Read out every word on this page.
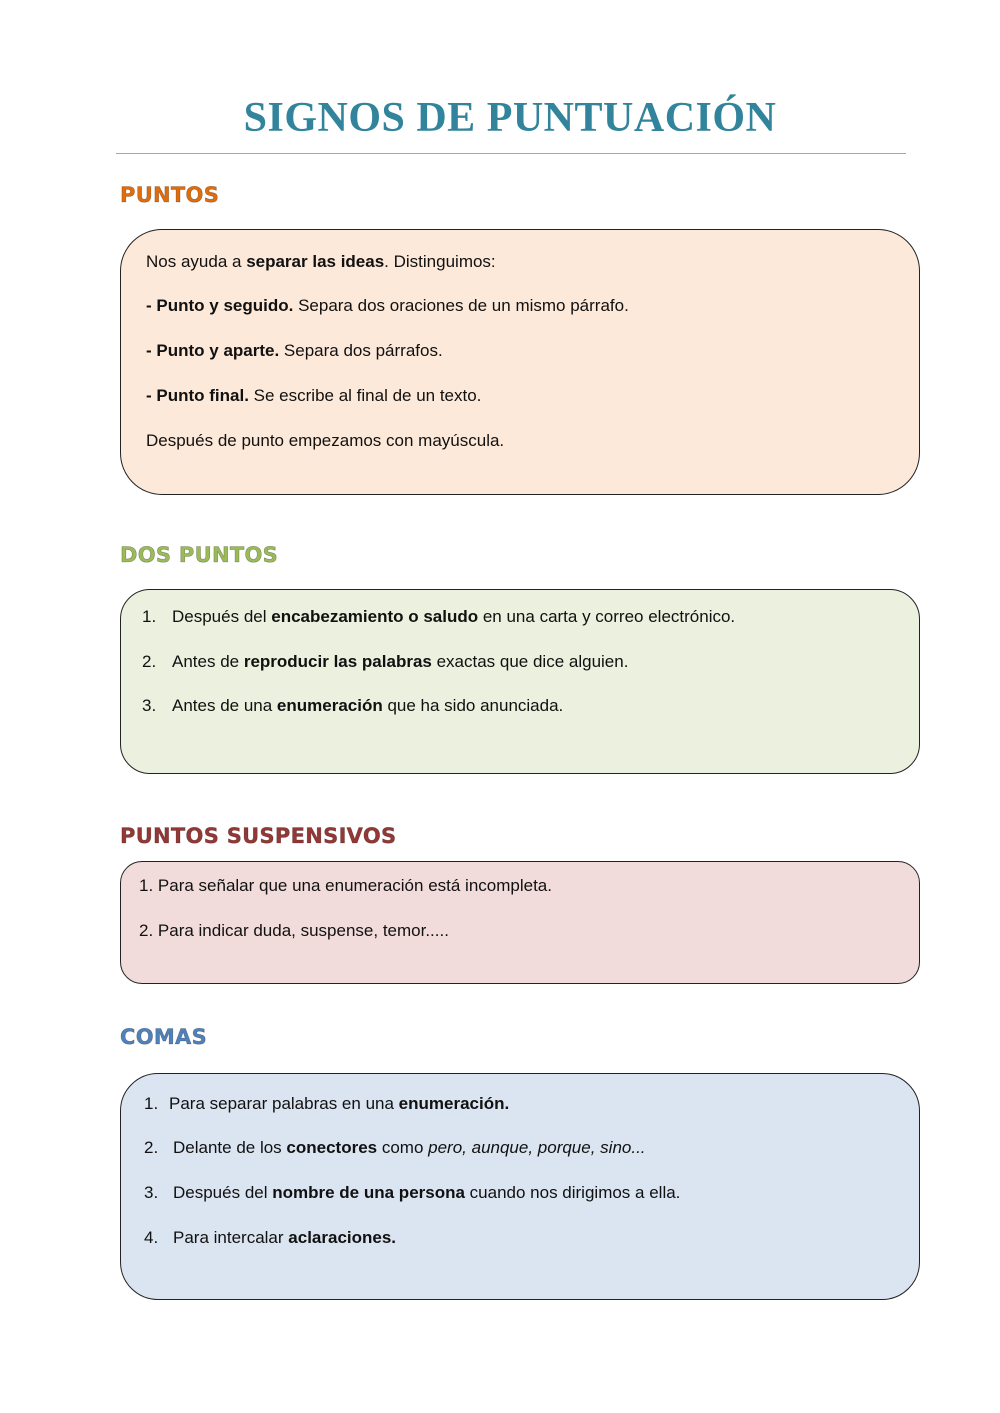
SIGNOS DE PUNTUACIÓN
PUNTOS
Nos ayuda a separar las ideas. Distinguimos:
- Punto y seguido. Separa dos oraciones de un mismo párrafo.
- Punto y aparte. Separa dos párrafos.
- Punto final. Se escribe al final de un texto.
Después de punto empezamos con mayúscula.
DOS PUNTOS
1. Después del encabezamiento o saludo en una carta y correo electrónico.
2. Antes de reproducir las palabras exactas que dice alguien.
3. Antes de una enumeración que ha sido anunciada.
PUNTOS SUSPENSIVOS
1. Para señalar que una enumeración está incompleta.
2. Para indicar duda, suspense, temor.....
COMAS
1. Para separar palabras en una enumeración.
2. Delante de los conectores como pero, aunque, porque, sino...
3. Después del nombre de una persona cuando nos dirigimos a ella.
4. Para intercalar aclaraciones.
